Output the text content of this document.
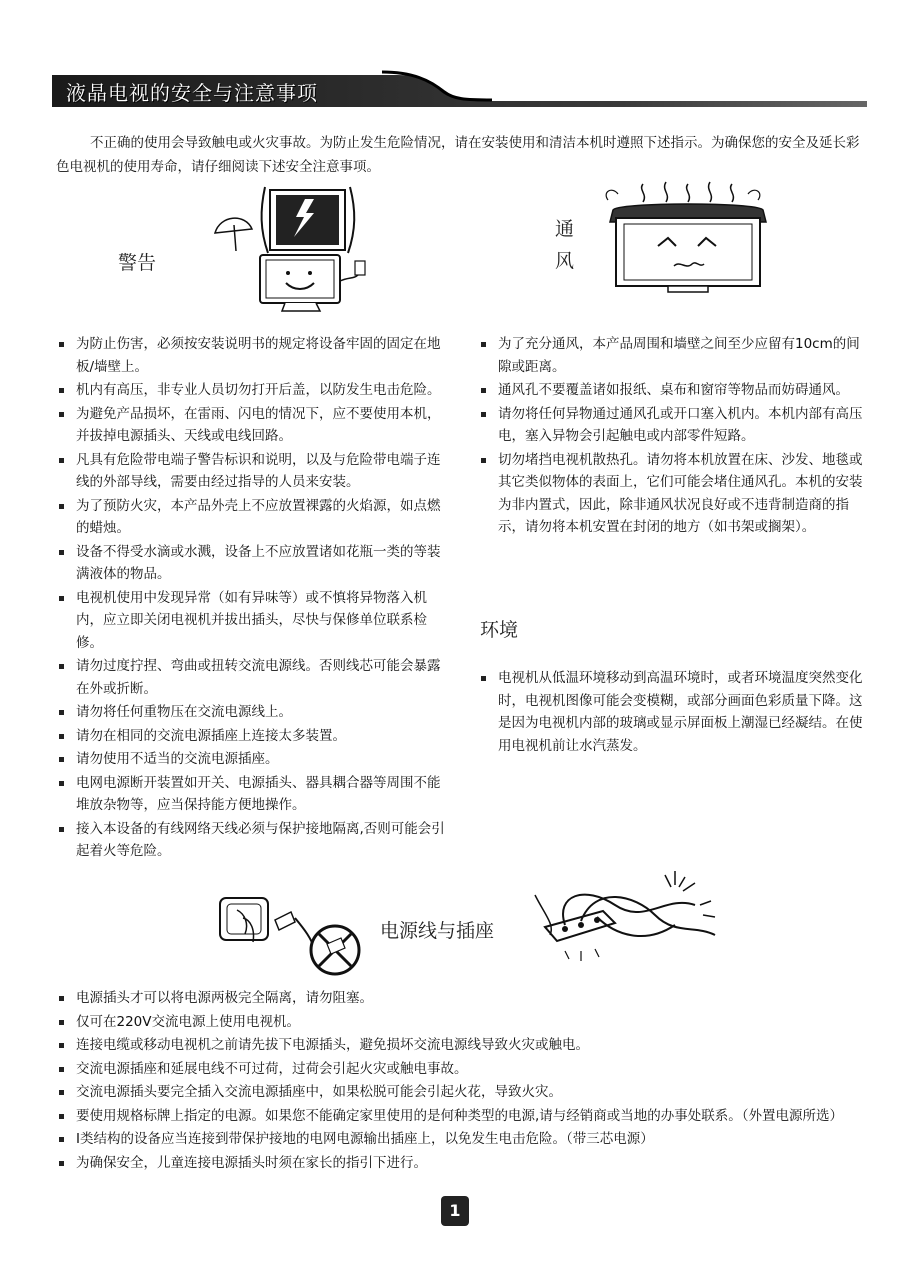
液晶电视的安全与注意事项
不正确的使用会导致触电或火灾事故。为防止发生危险情况，请在安装使用和清洁本机时遵照下述指示。为确保您的安全及延长彩色电视机的使用寿命，请仔细阅读下述安全注意事项。
警告
通
风
为防止伤害，必须按安装说明书的规定将设备牢固的固定在地板/墙壁上。
机内有高压，非专业人员切勿打开后盖，以防发生电击危险。
为避免产品损坏，在雷雨、闪电的情况下，应不要使用本机，并拔掉电源插头、天线或电线回路。
凡具有危险带电端子警告标识和说明，以及与危险带电端子连线的外部导线，需要由经过指导的人员来安装。
为了预防火灾，本产品外壳上不应放置裸露的火焰源，如点燃的蜡烛。
设备不得受水滴或水溅，设备上不应放置诸如花瓶一类的等装满液体的物品。
电视机使用中发现异常（如有异味等）或不慎将异物落入机内，应立即关闭电视机并拔出插头，尽快与保修单位联系检修。
请勿过度拧捏、弯曲或扭转交流电源线。否则线芯可能会暴露在外或折断。
请勿将任何重物压在交流电源线上。
请勿在相同的交流电源插座上连接太多装置。
请勿使用不适当的交流电源插座。
电网电源断开装置如开关、电源插头、器具耦合器等周围不能堆放杂物等，应当保持能方便地操作。
接入本设备的有线网络天线必须与保护接地隔离,否则可能会引起着火等危险。
为了充分通风，本产品周围和墙壁之间至少应留有10cm的间隙或距离。
通风孔不要覆盖诸如报纸、桌布和窗帘等物品而妨碍通风。
请勿将任何异物通过通风孔或开口塞入机内。本机内部有高压电，塞入异物会引起触电或内部零件短路。
切勿堵挡电视机散热孔。请勿将本机放置在床、沙发、地毯或其它类似物体的表面上，它们可能会堵住通风孔。本机的安装为非内置式，因此，除非通风状况良好或不违背制造商的指示，请勿将本机安置在封闭的地方（如书架或搁架）。
环境
电视机从低温环境移动到高温环境时，或者环境温度突然变化时，电视机图像可能会变模糊，或部分画面色彩质量下降。这是因为电视机内部的玻璃或显示屏面板上潮湿已经凝结。在使用电视机前让水汽蒸发。
电源线与插座
电源插头才可以将电源两极完全隔离，请勿阻塞。
仅可在220V交流电源上使用电视机。
连接电缆或移动电视机之前请先拔下电源插头，避免损坏交流电源线导致火灾或触电。
交流电源插座和延展电线不可过荷，过荷会引起火灾或触电事故。
交流电源插头要完全插入交流电源插座中，如果松脱可能会引起火花，导致火灾。
要使用规格标牌上指定的电源。如果您不能确定家里使用的是何种类型的电源,请与经销商或当地的办事处联系。（外置电源所选）
Ⅰ类结构的设备应当连接到带保护接地的电网电源输出插座上，以免发生电击危险。（带三芯电源）
为确保安全，儿童连接电源插头时须在家长的指引下进行。
1
